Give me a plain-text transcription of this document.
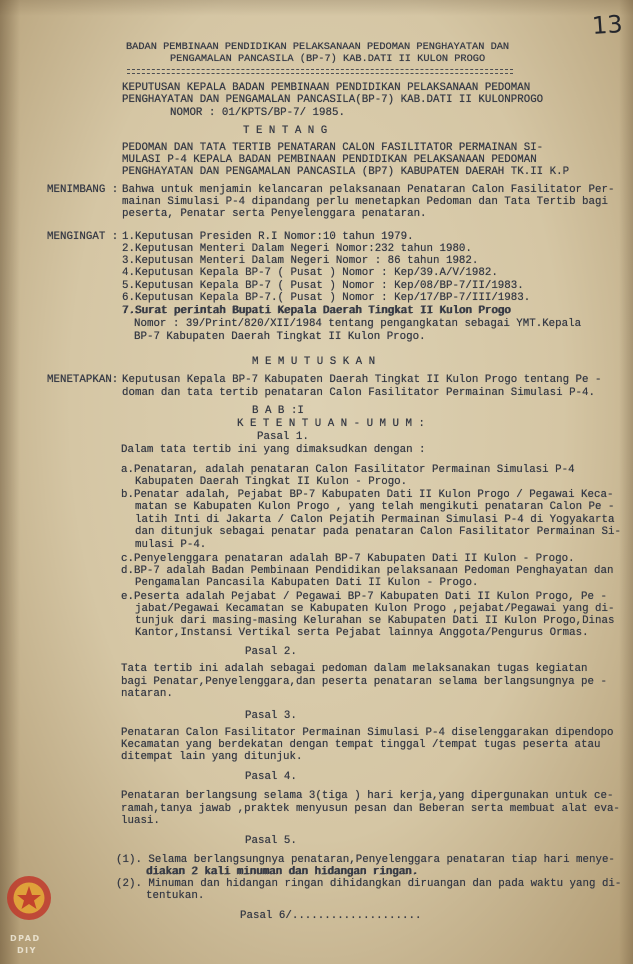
13
BADAN PEMBINAAN PENDIDIKAN PELAKSANAAN PEDOMAN PENGHAYATAN DAN
PENGAMALAN PANCASILA (BP-7) KAB.DATI II KULON PROGO
KEPUTUSAN KEPALA BADAN PEMBINAAN PENDIDIKAN PELAKSANAAN PEDOMAN
PENGHAYATAN DAN PENGAMALAN PANCASILA(BP-7) KAB.DATI II KULONPROGO
NOMOR : 01/KPTS/BP-7/ 1985.
T E N T A N G
PEDOMAN DAN TATA TERTIB PENATARAN CALON FASILITATOR PERMAINAN SI-
MULASI P-4 KEPALA BADAN PEMBINAAN PENDIDIKAN PELAKSANAAN PEDOMAN
PENGHAYATAN DAN PENGAMALAN PANCASILA (BP7) KABUPATEN DAERAH TK.II K.P
MENIMBANG : Bahwa untuk menjamin kelancaran pelaksanaan Penataran Calon Fasilitator Per-
mainan Simulasi P-4 dipandang perlu menetapkan Pedoman dan Tata Tertib bagi
peserta, Penatar serta Penyelenggara penataran.
MENGINGAT : 1.Keputusan Presiden R.I Nomor:10 tahun 1979.
2.Keputusan Menteri Dalam Negeri Nomor:232 tahun 1980.
3.Keputusan Menteri Dalam Negeri Nomor : 86 tahun 1982.
4.Keputusan Kepala BP-7 ( Pusat ) Nomor : Kep/39.A/V/1982.
5.Keputusan Kepala BP-7 ( Pusat ) Nomor : Kep/08/BP-7/II/1983.
6.Keputusan Kepala BP-7.( Pusat ) Nomor : Kep/17/BP-7/III/1983.
7.Surat perintah Bupati Kepala Daerah Tingkat II Kulon Progo
Nomor : 39/Print/820/XII/1984 tentang pengangkatan sebagai YMT.Kepala
BP-7 Kabupaten Daerah Tingkat II Kulon Progo.
M E M U T U S K A N
MENETAPKAN: Keputusan Kepala BP-7 Kabupaten Daerah Tingkat II Kulon Progo tentang Pe -
doman dan tata tertib penataran Calon Fasilitator Permainan Simulasi P-4.
B A B :I
K E T E N T U A N - U M U M :
Pasal 1.
Dalam tata tertib ini yang dimaksudkan dengan :
a.Penataran, adalah penataran Calon Fasilitator Permainan Simulasi P-4
Kabupaten Daerah Tingkat II Kulon - Progo.
b.Penatar adalah, Pejabat BP-7 Kabupaten Dati II Kulon Progo / Pegawai Keca-
matan se Kabupaten Kulon Progo , yang telah mengikuti penataran Calon Pe -
latih Inti di Jakarta / Calon Pejatih Permainan Simulasi P-4 di Yogyakarta
dan ditunjuk sebagai penatar pada penataran Calon Fasilitator Permainan Si-
mulasi P-4.
c.Penyelenggara penataran adalah BP-7 Kabupaten Dati II Kulon - Progo.
d.BP-7 adalah Badan Pembinaan Pendidikan pelaksanaan Pedoman Penghayatan dan
Pengamalan Pancasila Kabupaten Dati II Kulon - Progo.
e.Peserta adalah Pejabat / Pegawai BP-7 Kabupaten Dati II Kulon Progo, Pe -
jabat/Pegawai Kecamatan se Kabupaten Kulon Progo ,pejabat/Pegawai yang di-
tunjuk dari masing-masing Kelurahan se Kabupaten Dati II Kulon Progo,Dinas
Kantor,Instansi Vertikal serta Pejabat lainnya Anggota/Pengurus Ormas.
Pasal 2.
Tata tertib ini adalah sebagai pedoman dalam melaksanakan tugas kegiatan
bagi Penatar,Penyelenggara,dan peserta penataran selama berlangsungnya pe -
nataran.
Pasal 3.
Penataran Calon Fasilitator Permainan Simulasi P-4 diselenggarakan dipendopo
Kecamatan yang berdekatan dengan tempat tinggal /tempat tugas peserta atau
ditempat lain yang ditunjuk.
Pasal 4.
Penataran berlangsung selama 3(tiga ) hari kerja,yang dipergunakan untuk ce-
ramah,tanya jawab ,praktek menyusun pesan dan Beberan serta membuat alat eva-
luasi.
Pasal 5.
(1). Selama berlangsungnya penataran,Penyelenggara penataran tiap hari menye-
diakan 2 kali minuman dan hidangan ringan.
(2). Minuman dan hidangan ringan dihidangkan diruangan dan pada waktu yang di-
tentukan.
Pasal 6/....................
DPAD
DIY
